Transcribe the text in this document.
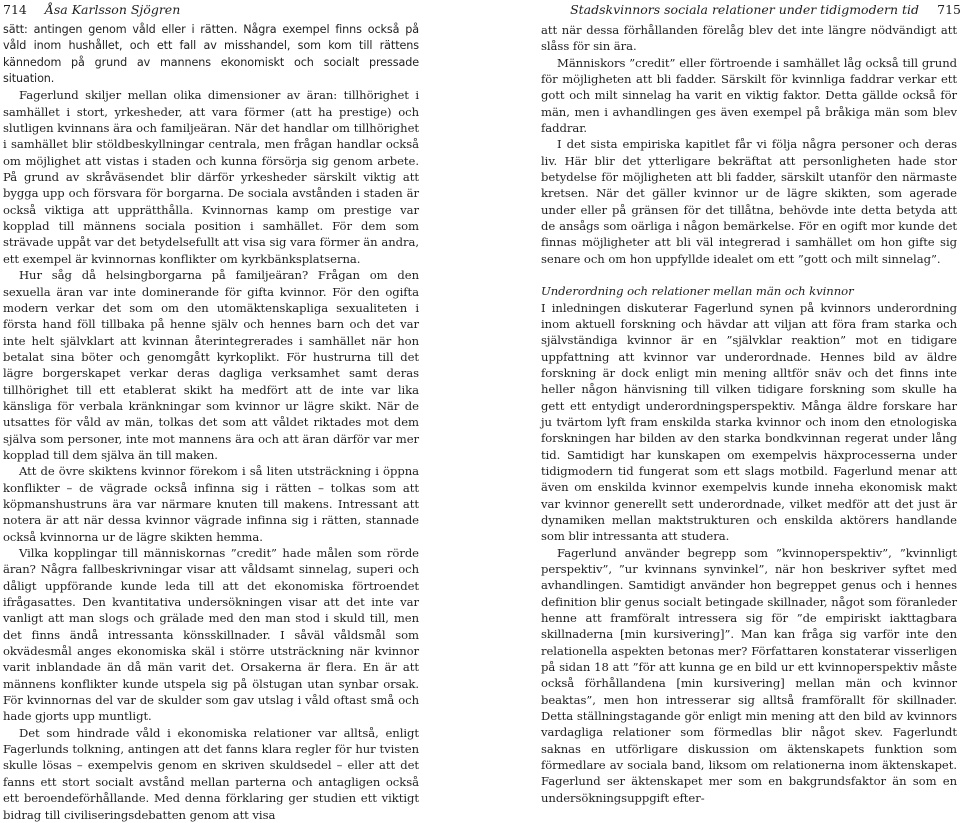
714 Åsa Karlsson Sjögren

sätt: antingen genom våld eller i rätten. Några exempel finns också på våld inom hushållet, och ett fall av misshandel, som kom till rättens kännedom på grund av mannens ekonomiskt och socialt pressade situation.

Fagerlund skiljer mellan olika dimensioner av äran: tillhörighet i samhället i stort, yrkesheder, att vara förmer (att ha prestige) och slutligen kvinnans ära och familjeäran. När det handlar om tillhörighet i samhället blir stöldbeskyllningar centrala, men frågan handlar också om möjlighet att vistas i staden och kunna försörja sig genom arbete. På grund av skråväsendet blir därför yrkesheder särskilt viktig att bygga upp och försvara för borgarna. De sociala avstånden i staden är också viktiga att upprätthålla. Kvinnornas kamp om prestige var kopplad till männens sociala position i samhället. För dem som strävade uppåt var det betydelsefullt att visa sig vara förmer än andra, ett exempel är kvinnornas konflikter om kyrkbänksplatserna.

Hur såg då helsingborgarna på familjeäran? Frågan om den sexuella äran var inte dominerande för gifta kvinnor. För den ogifta modern verkar det som om den utomäktenskapliga sexualiteten i första hand föll tillbaka på henne själv och hennes barn och det var inte helt självklart att kvinnan återintegrerades i samhället när hon betalat sina böter och genomgått kyrkoplikt. För hustrurna till det lägre borgerskapet verkar deras dagliga verksamhet samt deras tillhörighet till ett etablerat skikt ha medfört att de inte var lika känsliga för verbala kränkningar som kvinnor ur lägre skikt. När de utsattes för våld av män, tolkas det som att våldet riktades mot dem själva som personer, inte mot mannens ära och att äran därför var mer kopplad till dem själva än till maken.

Att de övre skiktens kvinnor förekom i så liten utsträckning i öppna konflikter – de vägrade också infinna sig i rätten – tolkas som att köpmanshustruns ära var närmare knuten till makens. Intressant att notera är att när dessa kvinnor vägrade infinna sig i rätten, stannade också kvinnorna ur de lägre skikten hemma.

Vilka kopplingar till människornas ”credit” hade målen som rörde äran? Några fallbeskrivningar visar att våldsamt sinnelag, superi och dåligt uppförande kunde leda till att det ekonomiska förtroendet ifrågasattes. Den kvantitativa undersökningen visar att det inte var vanligt att man slogs och grälade med den man stod i skuld till, men det finns ändå intressanta könsskillnader. I såväl våldsmål som okvädesmål anges ekonomiska skäl i större utsträckning när kvinnor varit inblandade än då män varit det. Orsakerna är flera. En är att männens konflikter kunde utspela sig på ölstugan utan synbar orsak. För kvinnornas del var de skulder som gav utslag i våld oftast små och hade gjorts upp muntligt.

Det som hindrade våld i ekonomiska relationer var alltså, enligt Fagerlunds tolkning, antingen att det fanns klara regler för hur tvisten skulle lösas – exempelvis genom en skriven skuldsedel – eller att det fanns ett stort socialt avstånd mellan parterna och antagligen också ett beroendeförhållande. Med denna förklaring ger studien ett viktigt bidrag till civiliseringsdebatten genom att visa

Stadskvinnors sociala relationer under tidigmodern tid 715

att när dessa förhållanden förelåg blev det inte längre nödvändigt att slåss för sin ära.

Människors ”credit” eller förtroende i samhället låg också till grund för möjligheten att bli fadder. Särskilt för kvinnliga faddrar verkar ett gott och milt sinnelag ha varit en viktig faktor. Detta gällde också för män, men i avhandlingen ges även exempel på bråkiga män som blev faddrar.

I det sista empiriska kapitlet får vi följa några personer och deras liv. Här blir det ytterligare bekräftat att personligheten hade stor betydelse för möjligheten att bli fadder, särskilt utanför den närmaste kretsen. När det gäller kvinnor ur de lägre skikten, som agerade under eller på gränsen för det tillåtna, behövde inte detta betyda att de ansågs som oärliga i någon bemärkelse. För en ogift mor kunde det finnas möjligheter att bli väl integrerad i samhället om hon gifte sig senare och om hon uppfyllde idealet om ett ”gott och milt sinnelag”.

Underordning och relationer mellan män och kvinnor

I inledningen diskuterar Fagerlund synen på kvinnors underordning inom aktuell forskning och hävdar att viljan att föra fram starka och självständiga kvinnor är en ”självklar reaktion” mot en tidigare uppfattning att kvinnor var underordnade. Hennes bild av äldre forskning är dock enligt min mening alltför snäv och det finns inte heller någon hänvisning till vilken tidigare forskning som skulle ha gett ett entydigt underordningsperspektiv. Många äldre forskare har ju tvärtom lyft fram enskilda starka kvinnor och inom den etnologiska forskningen har bilden av den starka bondkvinnan regerat under lång tid. Samtidigt har kunskapen om exempelvis häxprocesserna under tidigmodern tid fungerat som ett slags motbild. Fagerlund menar att även om enskilda kvinnor exempelvis kunde inneha ekonomisk makt var kvinnor generellt sett underordnade, vilket medför att det just är dynamiken mellan maktstrukturen och enskilda aktörers handlande som blir intressanta att studera.

Fagerlund använder begrepp som ”kvinnoperspektiv”, ”kvinnligt perspektiv”, ”ur kvinnans synvinkel”, när hon beskriver syftet med avhandlingen. Samtidigt använder hon begreppet genus och i hennes definition blir genus socialt betingade skillnader, något som föranleder henne att framföralt intressera sig för ”de empiriskt iakttagbara skillnaderna [min kursivering]”. Man kan fråga sig varför inte den relationella aspekten betonas mer? Författaren konstaterar visserligen på sidan 18 att ”för att kunna ge en bild ur ett kvinnoperspektiv måste också förhållandena [min kursivering] mellan män och kvinnor beaktas”, men hon intresserar sig alltså framförallt för skillnader. Detta ställningstagande gör enligt min mening att den bild av kvinnors vardagliga relationer som förmedlas blir något skev. Fagerlundt saknas en utförligare diskussion om äktenskapets funktion som förmedlare av sociala band, liksom om relationerna inom äktenskapet. Fagerlund ser äktenskapet mer som en bakgrundsfaktor än som en undersökningsuppgift efter-
